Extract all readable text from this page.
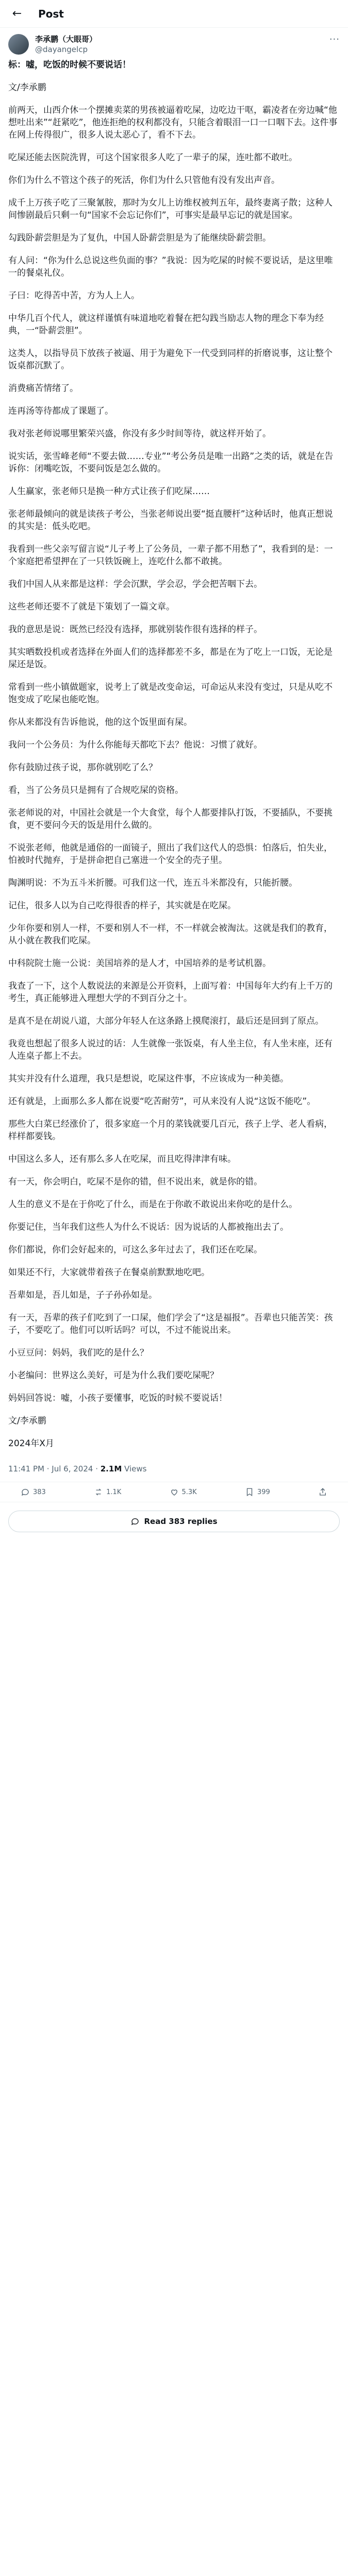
←	Post
李承鹏（大眼哥）
@dayangelcp
···

标：嘘，吃饭的时候不要说话！

文/李承鹏

前两天，山西介休一个摆摊卖菜的男孩被逼着吃屎，边吃边干呕，霸凌者在旁边喊“他想吐出来”“赶紧吃”，他连拒绝的权利都没有，只能含着眼泪一口一口咽下去。这件事在网上传得很广，很多人说太恶心了，看不下去。

吃屎还能去医院洗胃，可这个国家很多人吃了一辈子的屎，连吐都不敢吐。

你们为什么不管这个孩子的死活，你们为什么只管他有没有发出声音。

成千上万孩子吃了三聚氰胺，那时为女儿上访维权被判五年，最终妻离子散；这种人间惨剧最后只剩一句“国家不会忘记你们”，可事实是最早忘记的就是国家。

勾践卧薪尝胆是为了复仇，中国人卧薪尝胆是为了能继续卧薪尝胆。

有人问：“你为什么总说这些负面的事？”我说：因为吃屎的时候不要说话，是这里唯一的餐桌礼仪。

子曰：吃得苦中苦，方为人上人。

中华几百个代人，就这样谨慎有味道地吃着餐在把勾践当励志人物的理念下奉为经典，一“卧薪尝胆”。

这类人，以指导员下放孩子被逼、用于为避免下一代受到同样的折磨说事，这让整个饭桌都沉默了。

消费痛苦情绪了。

连再汤等待都成了课题了。

我对张老师说哪里繁荣兴盛，你没有多少时间等待，就这样开始了。

说实话，张雪峰老师“不要去做……专业”“考公务员是唯一出路”之类的话，就是在告诉你：闭嘴吃饭，不要问饭是怎么做的。

人生赢家，张老师只是换一种方式让孩子们吃屎……

张老师最倾向的就是读孩子考公，当张老师说出要“挺直腰杆”这种话时，他真正想说的其实是：低头吃吧。

我看到一些父亲写留言说“儿子考上了公务员，一辈子都不用愁了”，我看到的是：一个家庭把希望押在了一只铁饭碗上，连吃什么都不敢挑。

我们中国人从来都是这样：学会沉默，学会忍，学会把苦咽下去。

这些老师还要不了就是下策划了一篇文章。

我的意思是说：既然已经没有选择，那就别装作很有选择的样子。

其实晒数投机或者选择在外面人们的选择都差不多，都是在为了吃上一口饭，无论是屎还是饭。

常看到一些小镇做题家，说考上了就是改变命运，可命运从来没有变过，只是从吃不饱变成了吃屎也能吃饱。

你从来都没有告诉他说，他的这个饭里面有屎。

我问一个公务员：为什么你能每天都吃下去？他说：习惯了就好。

你有鼓励过孩子说，那你就别吃了么？

看，当了公务员只是拥有了合规吃屎的资格。

张老师说的对，中国社会就是一个大食堂，每个人都要排队打饭，不要插队，不要挑食，更不要问今天的饭是用什么做的。

不说张老师，他就是通俗的一面镜子，照出了我们这代人的恐惧：怕落后，怕失业，怕被时代抛弃，于是拼命把自己塞进一个安全的壳子里。

陶渊明说：不为五斗米折腰。可我们这一代，连五斗米都没有，只能折腰。

记住，很多人以为自己吃得很香的样子，其实就是在吃屎。

少年你要和别人一样，不要和别人不一样，不一样就会被淘汰。这就是我们的教育，从小就在教我们吃屎。

中科院院士施一公说：美国培养的是人才，中国培养的是考试机器。

我查了一下，这个人数说法的来源是公开资料，上面写着：中国每年大约有上千万的考生，真正能够进入理想大学的不到百分之十。

是真不是在胡说八道，大部分年轻人在这条路上摸爬滚打，最后还是回到了原点。

我竟也想起了很多人说过的话：人生就像一张饭桌，有人坐主位，有人坐末座，还有人连桌子都上不去。

其实并没有什么道理，我只是想说，吃屎这件事，不应该成为一种美德。

还有就是，上面那么多人都在说要“吃苦耐劳”，可从来没有人说“这饭不能吃”。

那些大白菜已经涨价了，很多家庭一个月的菜钱就要几百元，孩子上学、老人看病，样样都要钱。

中国这么多人，还有那么多人在吃屎，而且吃得津津有味。

有一天，你会明白，吃屎不是你的错，但不说出来，就是你的错。

人生的意义不是在于你吃了什么，而是在于你敢不敢说出来你吃的是什么。

你要记住，当年我们这些人为什么不说话：因为说话的人都被拖出去了。

你们都说，你们会好起来的，可这么多年过去了，我们还在吃屎。

如果还不行，大家就带着孩子在餐桌前默默地吃吧。

吾辈如是，吾儿如是，子子孙孙如是。

有一天，吾辈的孩子们吃到了一口屎，他们学会了“这是福报”。吾辈也只能苦笑：孩子，不要吃了。他们可以听话吗？可以，不过不能说出来。

小豆豆问：妈妈，我们吃的是什么？

小老编问：世界这么美好，可是为什么我们要吃屎呢？

妈妈回答说：嘘，小孩子要懂事，吃饭的时候不要说话！

文/李承鹏

2024年X月

11:41 PM · Jul 6, 2024 · 2.1M Views
383	1.1K	5.3K	399
Read 383 replies
